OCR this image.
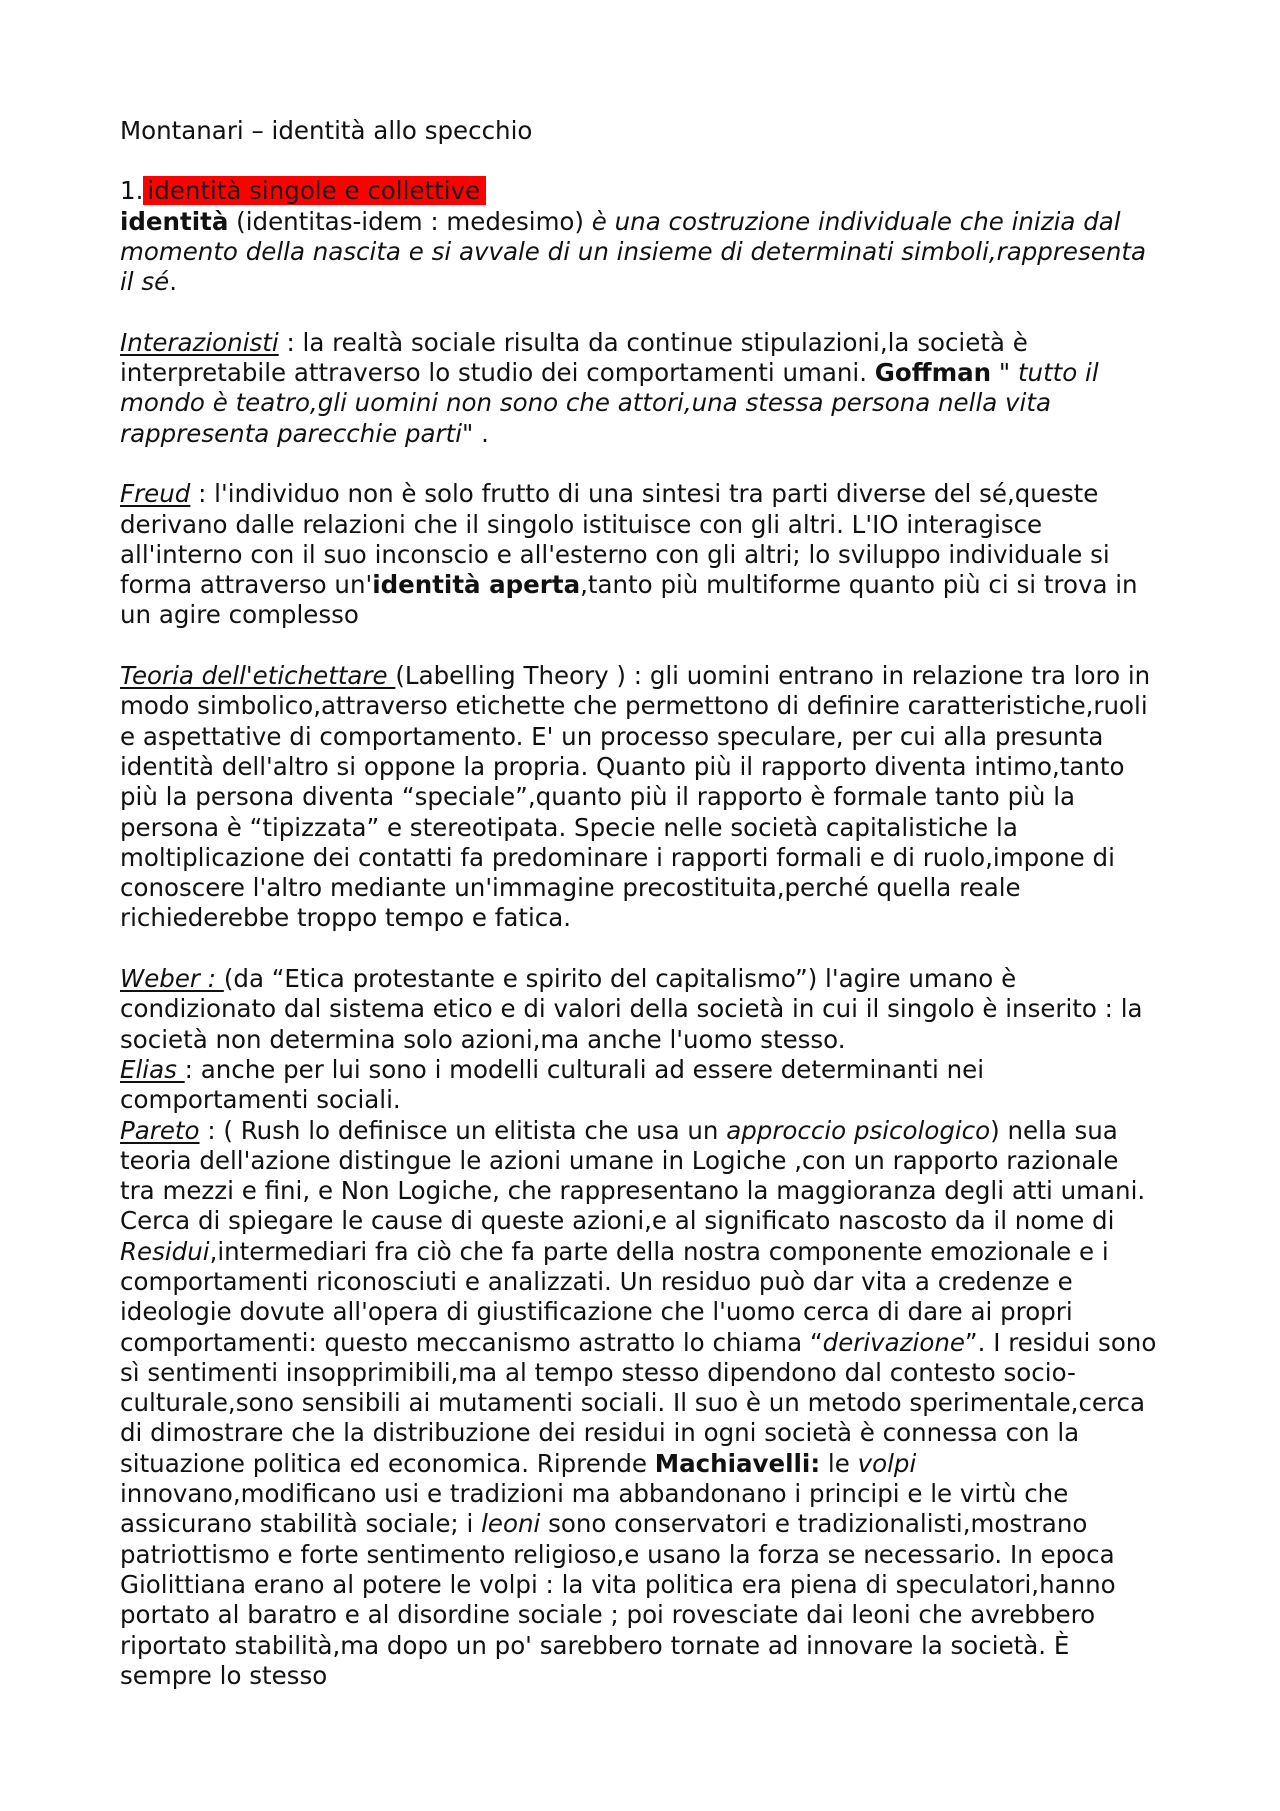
Montanari – identità allo specchio

1. identità singole e collettive

identità (identitas-idem : medesimo) è una costruzione individuale che inizia dal momento della nascita e si avvale di un insieme di determinati simboli,rappresenta il sé.

Interazionisti : la realtà sociale risulta da continue stipulazioni,la società è interpretabile attraverso lo studio dei comportamenti umani. Goffman " tutto il mondo è teatro,gli uomini non sono che attori,una stessa persona nella vita rappresenta parecchie parti" .

Freud : l'individuo non è solo frutto di una sintesi tra parti diverse del sé,queste derivano dalle relazioni che il singolo istituisce con gli altri. L'IO interagisce all'interno con il suo inconscio e all'esterno con gli altri; lo sviluppo individuale si forma attraverso un'identità aperta,tanto più multiforme quanto più ci si trova in un agire complesso

Teoria dell'etichettare (Labelling Theory ) : gli uomini entrano in relazione tra loro in modo simbolico,attraverso etichette che permettono di definire caratteristiche,ruoli e aspettative di comportamento. E' un processo speculare, per cui alla presunta identità dell'altro si oppone la propria. Quanto più il rapporto diventa intimo,tanto più la persona diventa “speciale”,quanto più il rapporto è formale tanto più la persona è “tipizzata” e stereotipata. Specie nelle società capitalistiche la moltiplicazione dei contatti fa predominare i rapporti formali e di ruolo,impone di conoscere l'altro mediante un'immagine precostituita,perché quella reale richiederebbe troppo tempo e fatica.

Weber : (da “Etica protestante e spirito del capitalismo”) l'agire umano è condizionato dal sistema etico e di valori della società in cui il singolo è inserito : la società non determina solo azioni,ma anche l'uomo stesso.

Elias : anche per lui sono i modelli culturali ad essere determinanti nei comportamenti sociali.

Pareto : ( Rush lo definisce un elitista che usa un approccio psicologico) nella sua teoria dell'azione distingue le azioni umane in Logiche ,con un rapporto razionale tra mezzi e fini, e Non Logiche, che rappresentano la maggioranza degli atti umani. Cerca di spiegare le cause di queste azioni,e al significato nascosto da il nome di Residui,intermediari fra ciò che fa parte della nostra componente emozionale e i comportamenti riconosciuti e analizzati. Un residuo può dar vita a credenze e ideologie dovute all'opera di giustificazione che l'uomo cerca di dare ai propri comportamenti: questo meccanismo astratto lo chiama “derivazione”. I residui sono sì sentimenti insopprimibili,ma al tempo stesso dipendono dal contesto socio-culturale,sono sensibili ai mutamenti sociali. Il suo è un metodo sperimentale,cerca di dimostrare che la distribuzione dei residui in ogni società è connessa con la situazione politica ed economica. Riprende Machiavelli: le volpi innovano,modificano usi e tradizioni ma abbandonano i principi e le virtù che assicurano stabilità sociale; i leoni sono conservatori e tradizionalisti,mostrano patriottismo e forte sentimento religioso,e usano la forza se necessario. In epoca Giolittiana erano al potere le volpi : la vita politica era piena di speculatori,hanno portato al baratro e al disordine sociale ; poi rovesciate dai leoni che avrebbero riportato stabilità,ma dopo un po' sarebbero tornate ad innovare la società. È sempre lo stesso
